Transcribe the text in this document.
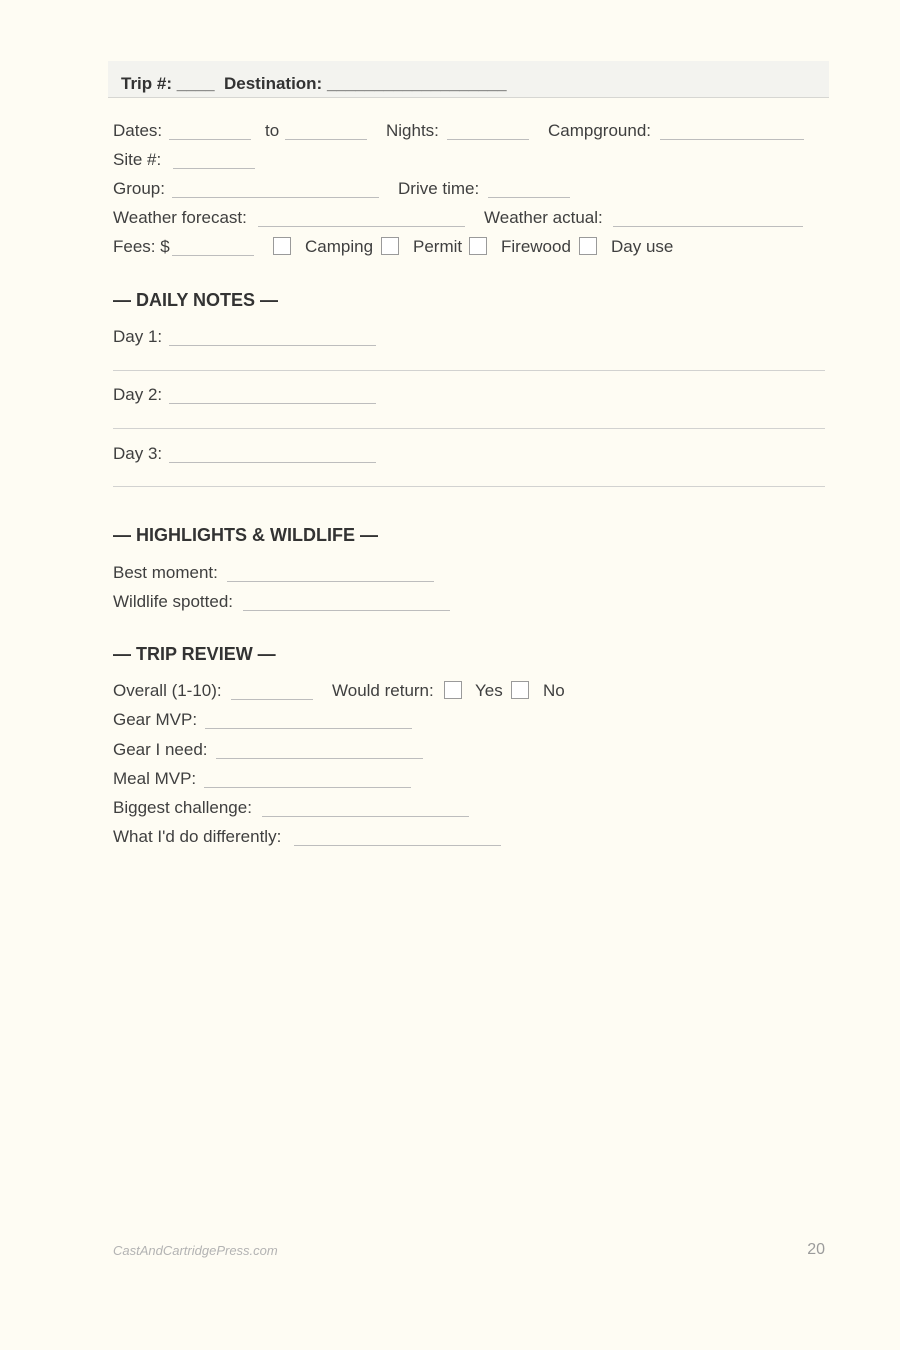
Trip #: ____  Destination: ___________________
Dates:	to	Nights:	Campground:
Site #:
Group:	Drive time:
Weather forecast:	Weather actual:
Fees: $	Camping Permit Firewood Day use
— DAILY NOTES —
Day 1:
Day 2:
Day 3:
— HIGHLIGHTS & WILDLIFE —
Best moment:
Wildlife spotted:
— TRIP REVIEW —
Overall (1-10):	Would return: Yes No
Gear MVP:
Gear I need:
Meal MVP:
Biggest challenge:
What I'd do differently:
CastAndCartridgePress.com	20
